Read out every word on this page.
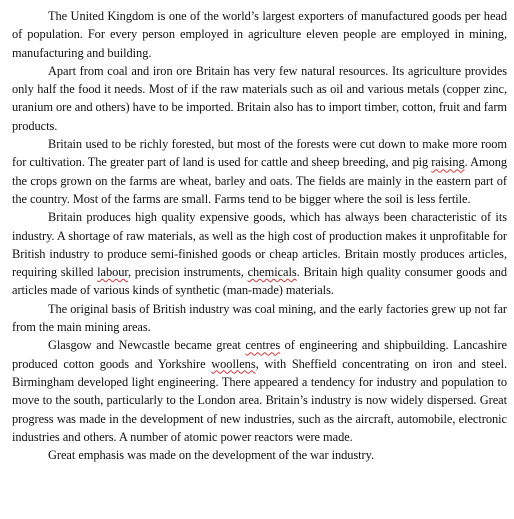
The United Kingdom is one of the world’s largest exporters of manufactured goods per head of population. For every person employed in agriculture eleven people are employed in mining, manufacturing and building.

Apart from coal and iron ore Britain has very few natural resources. Its agriculture provides only half the food it needs. Most of if the raw materials such as oil and various metals (copper zinc, uranium ore and others) have to be imported. Britain also has to import timber, cotton, fruit and farm products.

Britain used to be richly forested, but most of the forests were cut down to make more room for cultivation. The greater part of land is used for cattle and sheep breeding, and pig raising. Among the crops grown on the farms are wheat, barley and oats. The fields are mainly in the eastern part of the country. Most of the farms are small. Farms tend to be bigger where the soil is less fertile.

Britain produces high quality expensive goods, which has always been characteristic of its industry. A shortage of raw materials, as well as the high cost of production makes it unprofitable for British industry to produce semi-finished goods or cheap articles. Britain mostly produces articles, requiring skilled labour, precision instruments, chemicals. Britain high quality consumer goods and articles made of various kinds of synthetic (man-made) materials.

The original basis of British industry was coal mining, and the early factories grew up not far from the main mining areas.

Glasgow and Newcastle became great centres of engineering and shipbuilding. Lancashire produced cotton goods and Yorkshire woollens, with Sheffield concentrating on iron and steel. Birmingham developed light engineering. There appeared a tendency for industry and population to move to the south, particularly to the London area. Britain’s industry is now widely dispersed. Great progress was made in the development of new industries, such as the aircraft, automobile, electronic industries and others. A number of atomic power reactors were made.

Great emphasis was made on the development of the war industry.
